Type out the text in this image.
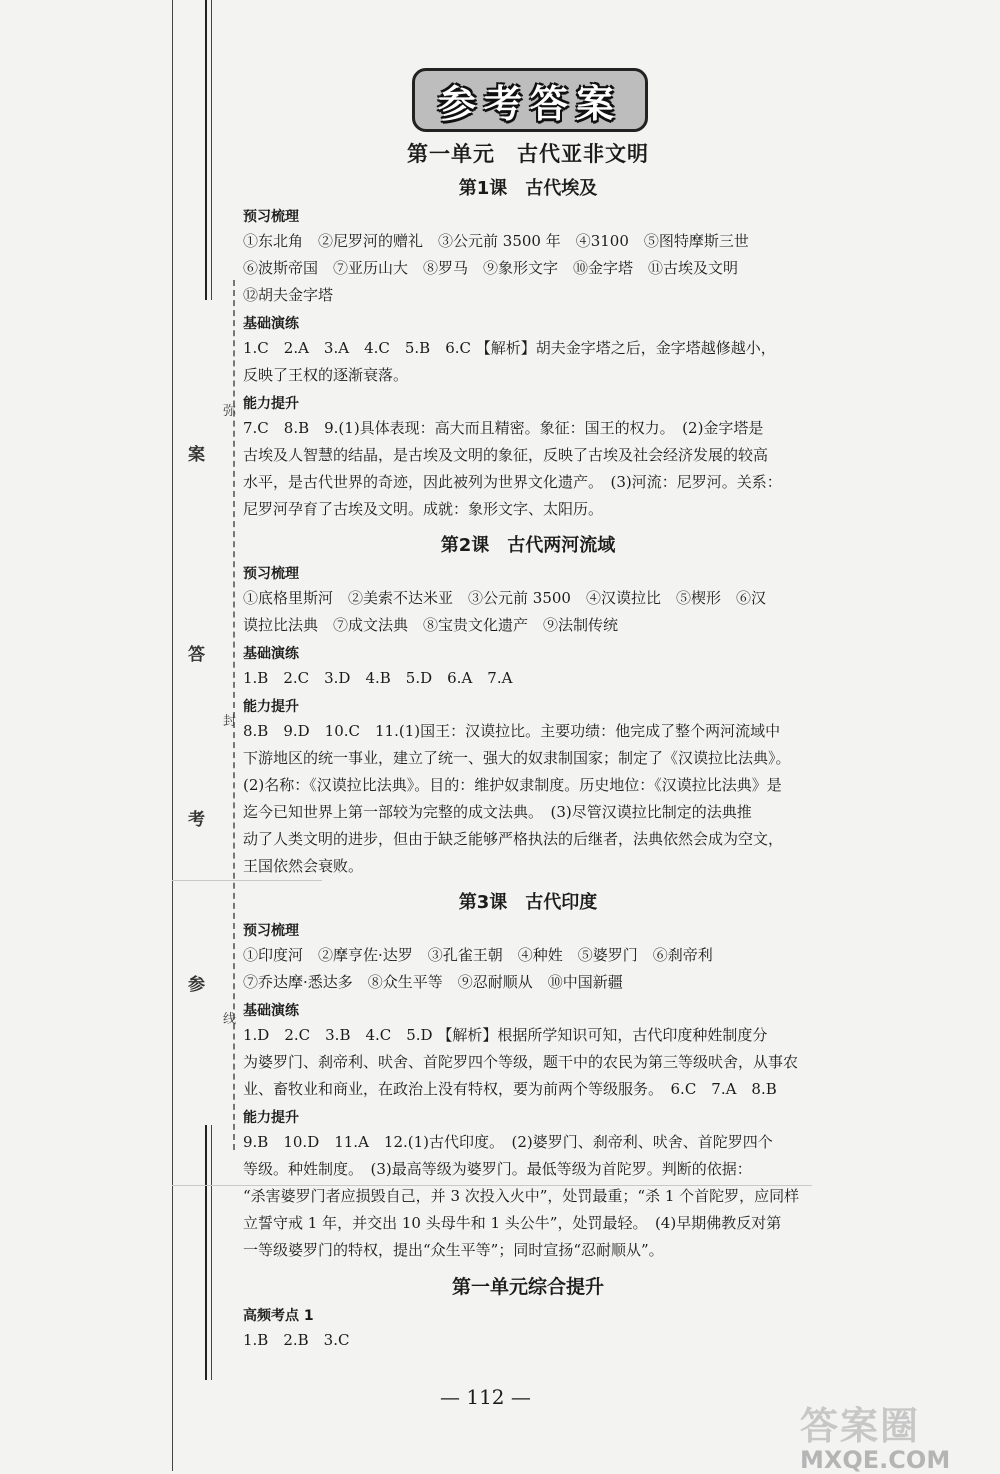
弥
案
答
封
考
参
线
参考答案
第一单元　古代亚非文明
第1课　古代埃及
预习梳理

①东北角　②尼罗河的赠礼　③公元前 3500 年　④3100　⑤图特摩斯三世
⑥波斯帝国　⑦亚历山大　⑧罗马　⑨象形文字　⑩金字塔　⑪古埃及文明
⑫胡夫金字塔

基础演练

1.C　2.A　3.A　4.C　5.B　6.C 【解析】胡夫金字塔之后，金字塔越修越小，
反映了王权的逐渐衰落。

能力提升

7.C　8.B　9.(1)具体表现：高大而且精密。象征：国王的权力。　(2)金字塔是
古埃及人智慧的结晶，是古埃及文明的象征，反映了古埃及社会经济发展的较高
水平，是古代世界的奇迹，因此被列为世界文化遗产。　(3)河流：尼罗河。关系：
尼罗河孕育了古埃及文明。成就：象形文字、太阳历。

第2课　古代两河流域
预习梳理

①底格里斯河　②美索不达米亚　③公元前 3500　④汉谟拉比　⑤楔形　⑥汉
谟拉比法典　⑦成文法典　⑧宝贵文化遗产　⑨法制传统

基础演练

1.B　2.C　3.D　4.B　5.D　6.A　7.A

能力提升

8.B　9.D　10.C　11.(1)国王：汉谟拉比。主要功绩：他完成了整个两河流域中
下游地区的统一事业，建立了统一、强大的奴隶制国家；制定了《汉谟拉比法典》。
(2)名称：《汉谟拉比法典》。目的：维护奴隶制度。历史地位：《汉谟拉比法典》是
迄今已知世界上第一部较为完整的成文法典。　(3)尽管汉谟拉比制定的法典推
动了人类文明的进步，但由于缺乏能够严格执法的后继者，法典依然会成为空文，
王国依然会衰败。

第3课　古代印度
预习梳理

①印度河　②摩亨佐·达罗　③孔雀王朝　④种姓　⑤婆罗门　⑥刹帝利
⑦乔达摩·悉达多　⑧众生平等　⑨忍耐顺从　⑩中国新疆

基础演练

1.D　2.C　3.B　4.C　5.D 【解析】根据所学知识可知，古代印度种姓制度分
为婆罗门、刹帝利、吠舍、首陀罗四个等级，题干中的农民为第三等级吠舍，从事农
业、畜牧业和商业，在政治上没有特权，要为前两个等级服务。　6.C　7.A　8.B

能力提升

9.B　10.D　11.A　12.(1)古代印度。　(2)婆罗门、刹帝利、吠舍、首陀罗四个
等级。种姓制度。　(3)最高等级为婆罗门。最低等级为首陀罗。判断的依据：
“杀害婆罗门者应损毁自己，并 3 次投入火中”，处罚最重；“杀 1 个首陀罗，应同样
立誓守戒 1 年，并交出 10 头母牛和 1 头公牛”，处罚最轻。　(4)早期佛教反对第
一等级婆罗门的特权，提出“众生平等”；同时宣扬“忍耐顺从”。

第一单元综合提升
高频考点 1

1.B　2.B　3.C

— 112 —
答案圈
MXQE.COM
